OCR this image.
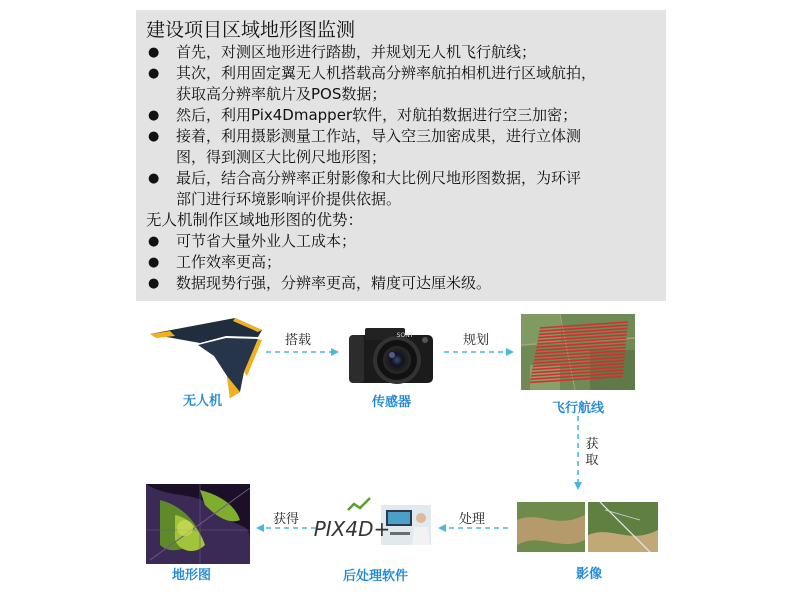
建设项目区域地形图监测
● 首先，对测区地形进行踏勘，并规划无人机飞行航线；
● 其次，利用固定翼无人机搭载高分辨率航拍相机进行区域航拍，
获取高分辨率航片及POS数据；
● 然后，利用Pix4Dmapper软件，对航拍数据进行空三加密；
● 接着，利用摄影测量工作站，导入空三加密成果，进行立体测
图，得到测区大比例尺地形图；
● 最后，结合高分辨率正射影像和大比例尺地形图数据，为环评
部门进行环境影响评价提供依据。
无人机制作区域地形图的优势：
● 可节省大量外业人工成本；
● 工作效率更高；
● 数据现势行强，分辨率更高，精度可达厘米级。
SONY
PIX4D+
无人机	传感器	飞行航线
影像
后处理软件
地形图
搭载	规划
获
取
处理
获得
